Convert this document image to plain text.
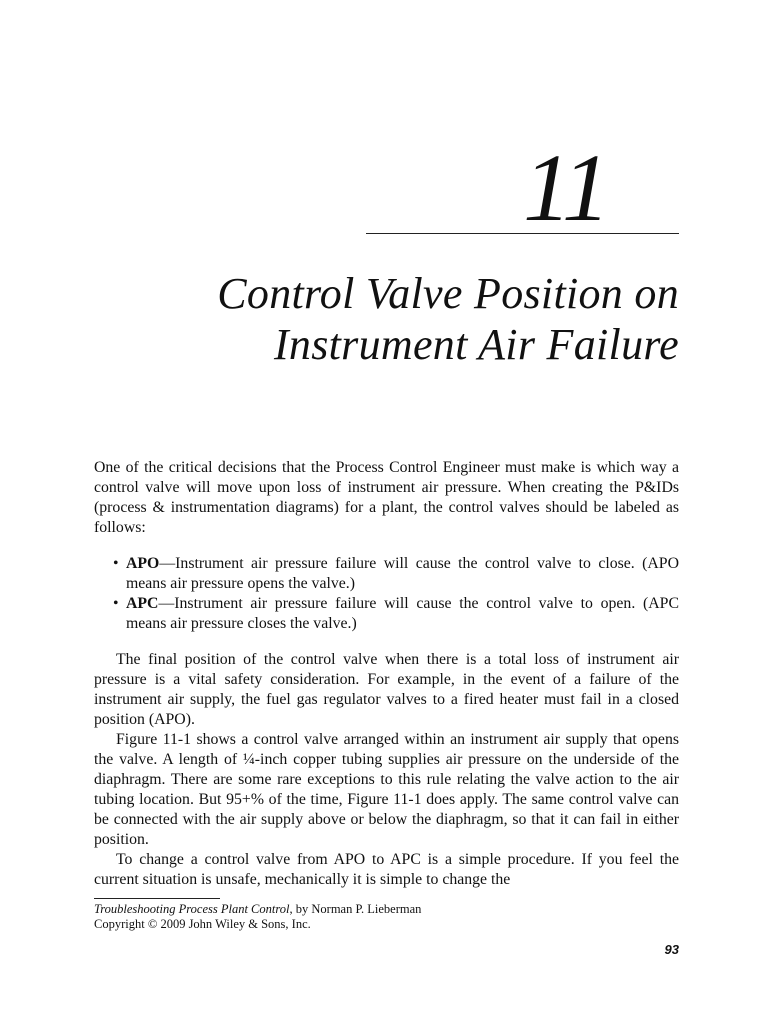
11
Control Valve Position on
Instrument Air Failure

One of the critical decisions that the Process Control Engineer must make is which way a control valve will move upon loss of instrument air pressure. When creating the P&IDs (process & instrumentation diagrams) for a plant, the control valves should be labeled as follows:

• APO—Instrument air pressure failure will cause the control valve to close. (APO means air pressure opens the valve.)
• APC—Instrument air pressure failure will cause the control valve to open. (APC means air pressure closes the valve.)

The final position of the control valve when there is a total loss of instrument air pressure is a vital safety consideration. For example, in the event of a failure of the instrument air supply, the fuel gas regulator valves to a fired heater must fail in a closed position (APO).

Figure 11-1 shows a control valve arranged within an instrument air supply that opens the valve. A length of ¼-inch copper tubing supplies air pressure on the underside of the diaphragm. There are some rare exceptions to this rule relating the valve action to the air tubing location. But 95+% of the time, Figure 11-1 does apply. The same control valve can be connected with the air supply above or below the diaphragm, so that it can fail in either position.

To change a control valve from APO to APC is a simple procedure. If you feel the current situation is unsafe, mechanically it is simple to change the

Troubleshooting Process Plant Control, by Norman P. Lieberman
Copyright © 2009 John Wiley & Sons, Inc.
93
